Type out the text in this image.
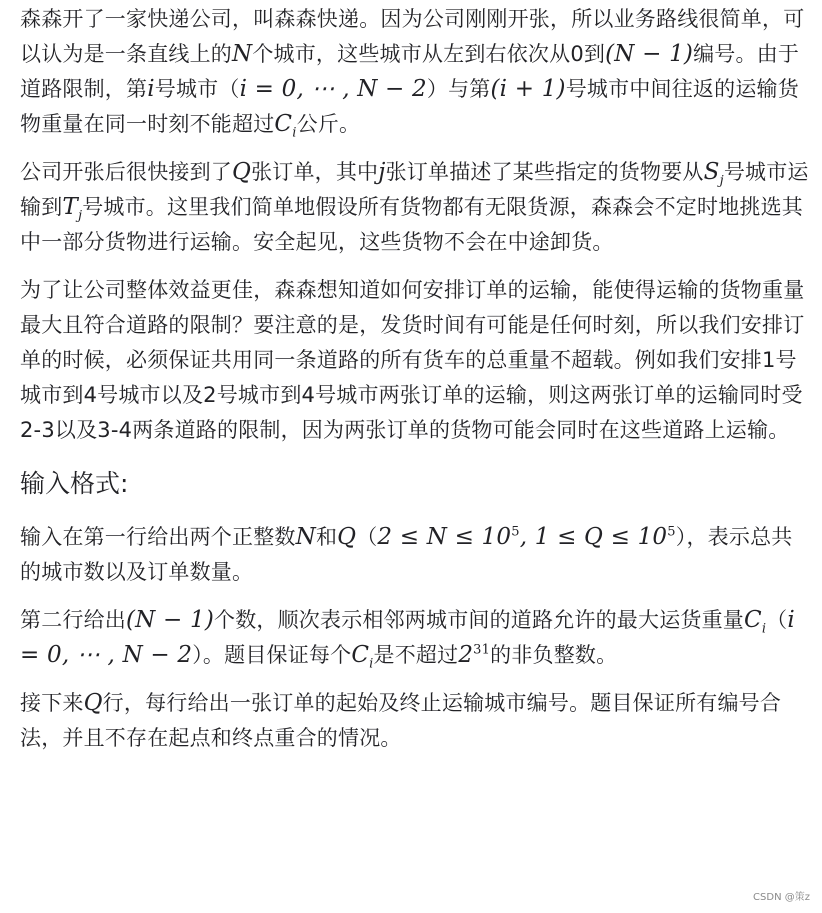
森森开了一家快递公司，叫森森快递。因为公司刚刚开张，所以业务路线很简单，可以认为是一条直线上的N个城市，这些城市从左到右依次从0到(N − 1)编号。由于道路限制，第i号城市（i = 0, ⋯ , N − 2）与第(i + 1)号城市中间往返的运输货物重量在同一时刻不能超过$C_i$公斤。

公司开张后很快接到了Q张订单，其中j张订单描述了某些指定的货物要从$S_j$号城市运输到$T_j$号城市。这里我们简单地假设所有货物都有无限货源，森森会不定时地挑选其中一部分货物进行运输。安全起见，这些货物不会在中途卸货。

为了让公司整体效益更佳，森森想知道如何安排订单的运输，能使得运输的货物重量最大且符合道路的限制？要注意的是，发货时间有可能是任何时刻，所以我们安排订单的时候，必须保证共用同一条道路的所有货车的总重量不超载。例如我们安排1号城市到4号城市以及2号城市到4号城市两张订单的运输，则这两张订单的运输同时受2-3以及3-4两条道路的限制，因为两张订单的货物可能会同时在这些道路上运输。

输入格式:

输入在第一行给出两个正整数N和$Q(2 \le N \le 10^5$, $1 \le Q \le 10^5$），表示总共的城市数以及订单数量。

第二行给出(N − 1)个数，顺次表示相邻两城市间的道路允许的最大运货重量$C_i(i = 0$, ⋯ , N − 2）。题目保证每个$C_i$是不超过$2^{31}$的非负整数。

接下来Q行，每行给出一张订单的起始及终止运输城市编号。题目保证所有编号合法，并且不存在起点和终点重合的情况。

CSDN @策z
